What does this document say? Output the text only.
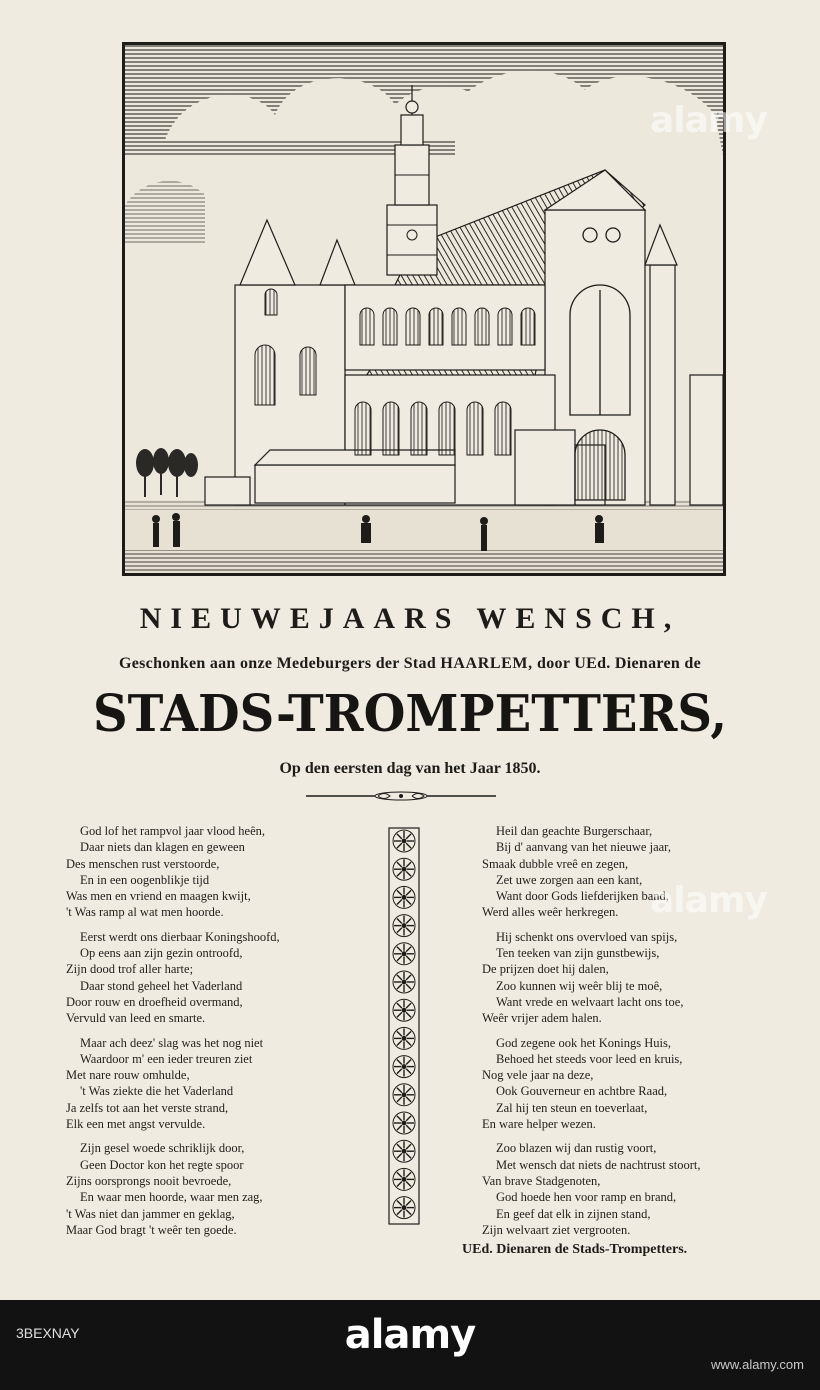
NIEUWEJAARS WENSCH,
Geschonken aan onze Medeburgers der Stad HAARLEM, door UEd. Dienaren de
STADS-TROMPETTERS,
Op den eersten dag van het Jaar 1850.
God lof het rampvol jaar vlood heên,
Daar niets dan klagen en geween
Des menschen rust verstoorde,
En in een oogenblikje tijd
Was men en vriend en maagen kwijt,
't Was ramp al wat men hoorde.
Eerst werdt ons dierbaar Koningshoofd,
Op eens aan zijn gezin ontroofd,
Zijn dood trof aller harte;
Daar stond geheel het Vaderland
Door rouw en droefheid overmand,
Vervuld van leed en smarte.
Maar ach deez' slag was het nog niet
Waardoor m' een ieder treuren ziet
Met nare rouw omhulde,
't Was ziekte die het Vaderland
Ja zelfs tot aan het verste strand,
Elk een met angst vervulde.
Zijn gesel woede schriklijk door,
Geen Doctor kon het regte spoor
Zijns oorsprongs nooit bevroede,
En waar men hoorde, waar men zag,
't Was niet dan jammer en geklag,
Maar God bragt 't weêr ten goede.
Heil dan geachte Burgerschaar,
Bij d' aanvang van het nieuwe jaar,
Smaak dubble vreê en zegen,
Zet uwe zorgen aan een kant,
Want door Gods liefderijken band,
Werd alles weêr herkregen.
Hij schenkt ons overvloed van spijs,
Ten teeken van zijn gunstbewijs,
De prijzen doet hij dalen,
Zoo kunnen wij weêr blij te moê,
Want vrede en welvaart lacht ons toe,
Weêr vrijer adem halen.
God zegene ook het Konings Huis,
Behoed het steeds voor leed en kruis,
Nog vele jaar na deze,
Ook Gouverneur en achtbre Raad,
Zal hij ten steun en toeverlaat,
En ware helper wezen.
Zoo blazen wij dan rustig voort,
Met wensch dat niets de nachtrust stoort,
Van brave Stadgenoten,
God hoede hen voor ramp en brand,
En geef dat elk in zijnen stand,
Zijn welvaart ziet vergrooten.
UEd. Dienaren de Stads-Trompetters.
alamy
alamy
alamy
3BEXNAY
www.alamy.com
